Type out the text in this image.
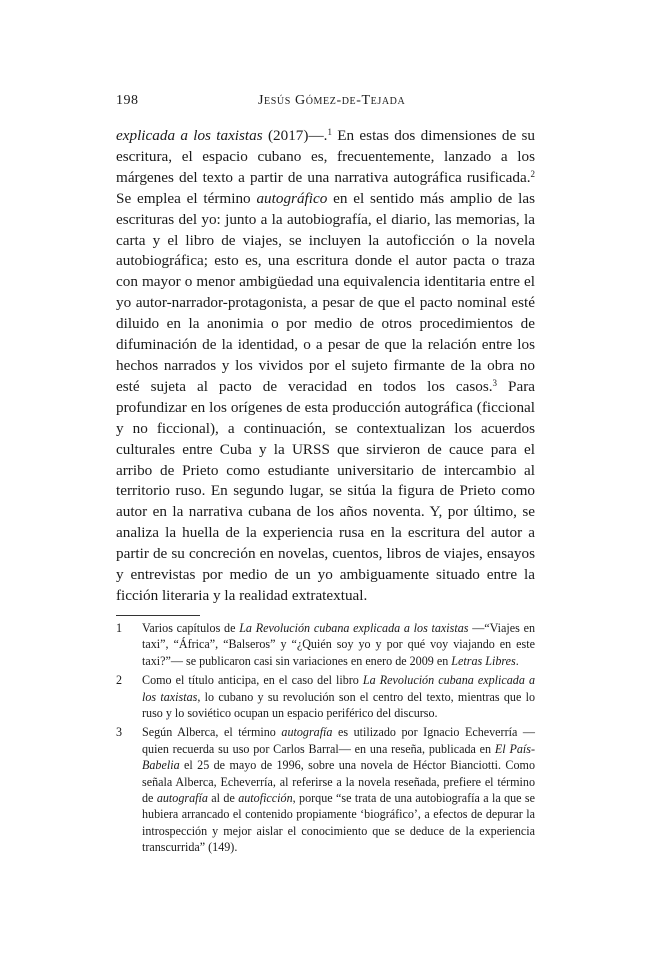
198	Jesús Gómez-de-Tejada

explicada a los taxistas (2017)—.$^1$ En estas dos dimensiones de su escritura, el espacio cubano es, frecuentemente, lanzado a los márgenes del texto a partir de una narrativa autográfica rusificada.$^2$ Se emplea el término autográfico en el sentido más amplio de las escrituras del yo: junto a la autobiografía, el diario, las memorias, la carta y el libro de viajes, se incluyen la autoficción o la novela autobiográfica; esto es, una escritura donde el autor pacta o traza con mayor o menor ambigüedad una equivalencia identitaria entre el yo autor-narrador-protagonista, a pesar de que el pacto nominal esté diluido en la anonimia o por medio de otros procedimientos de difuminación de la identidad, o a pesar de que la relación entre los hechos narrados y los vividos por el sujeto firmante de la obra no esté sujeta al pacto de veracidad en todos los casos.$^3$ Para profundizar en los orígenes de esta producción autográfica (ficcional y no ficcional), a continuación, se contextualizan los acuerdos culturales entre Cuba y la URSS que sirvieron de cauce para el arribo de Prieto como estudiante universitario de intercambio al territorio ruso. En segundo lugar, se sitúa la figura de Prieto como autor en la narrativa cubana de los años noventa. Y, por último, se analiza la huella de la experiencia rusa en la escritura del autor a partir de su concreción en novelas, cuentos, libros de viajes, ensayos y entrevistas por medio de un yo ambiguamente situado entre la ficción literaria y la realidad extratextual.

1	Varios capítulos de La Revolución cubana explicada a los taxistas —“Viajes en taxi”, “África”, “Balseros” y “¿Quién soy yo y por qué voy viajando en este taxi?”— se publicaron casi sin variaciones en enero de 2009 en Letras Libres.
2	Como el título anticipa, en el caso del libro La Revolución cubana explicada a los taxistas, lo cubano y su revolución son el centro del texto, mientras que lo ruso y lo soviético ocupan un espacio periférico del discurso.
3	Según Alberca, el término autografía es utilizado por Ignacio Echeverría —quien recuerda su uso por Carlos Barral— en una reseña, publicada en El País-Babelia el 25 de mayo de 1996, sobre una novela de Héctor Bianciotti. Como señala Alberca, Echeverría, al referirse a la novela reseñada, prefiere el término de autografía al de autoficción, porque “se trata de una autobiografía a la que se hubiera arrancado el contenido propiamente ‘biográfico’, a efectos de depurar la introspección y mejor aislar el conocimiento que se deduce de la experiencia transcurrida” (149).
